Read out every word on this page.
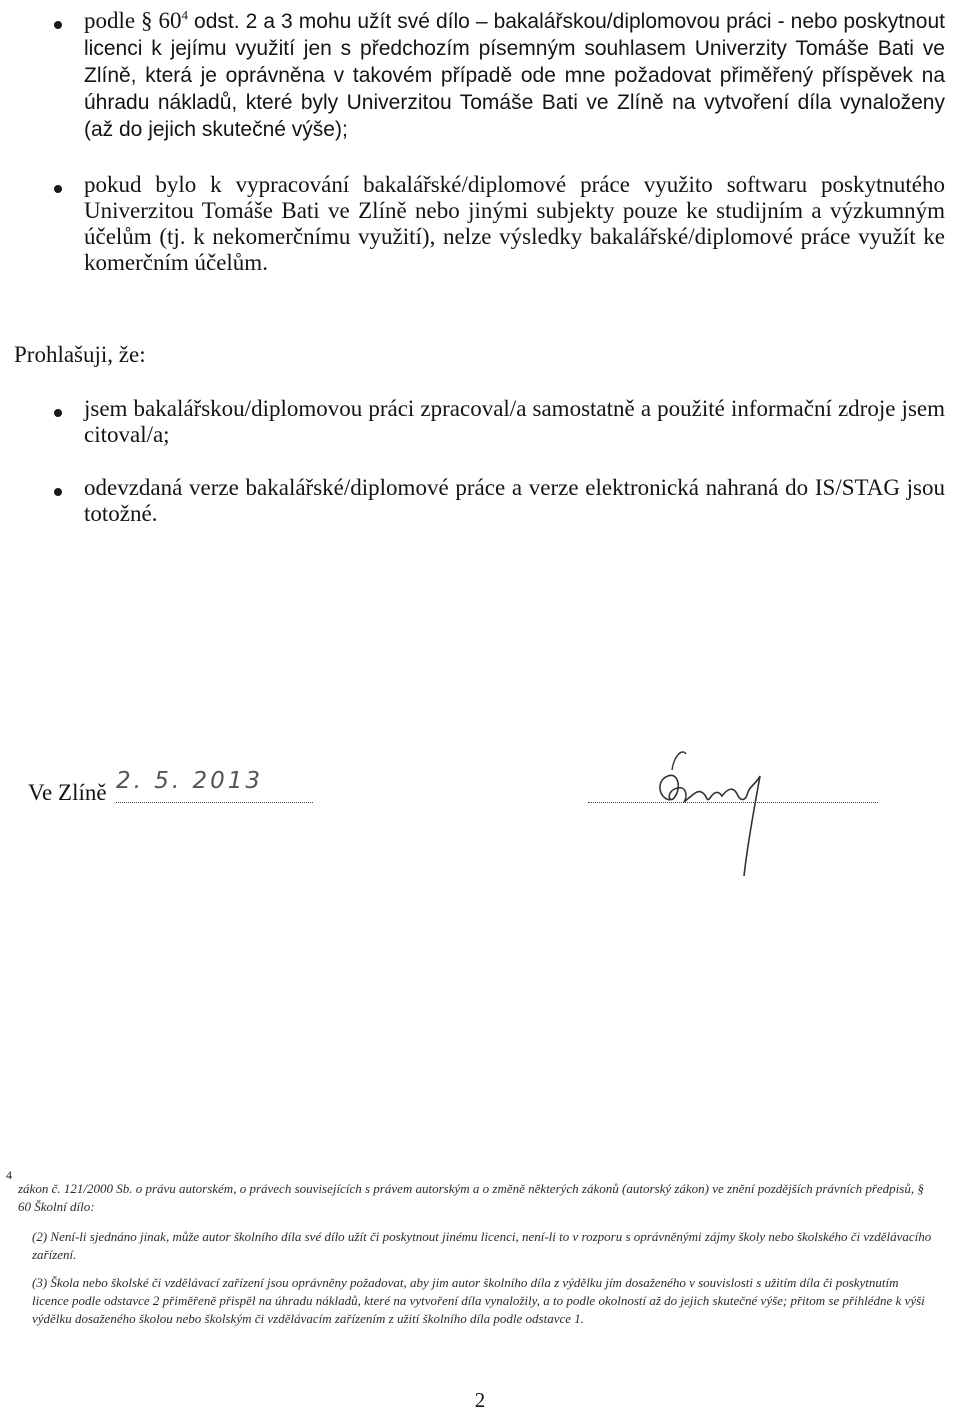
podle § $60^4$ odst. 2 a 3 mohu užít své dílo – bakalářskou/diplomovou práci - nebo poskytnout licenci k jejímu využití jen s předchozím písemným souhlasem Univerzity Tomáše Bati ve Zlíně, která je oprávněna v takovém případě ode mne požadovat přiměřený příspěvek na úhradu nákladů, které byly Univerzitou Tomáše Bati ve Zlíně na vytvoření díla vynaloženy (až do jejich skutečné výše);
pokud bylo k vypracování bakalářské/diplomové práce využito softwaru poskytnutého Univerzitou Tomáše Bati ve Zlíně nebo jinými subjekty pouze ke studijním a výzkumným účelům (tj. k nekomerčnímu využití), nelze výsledky bakalářské/diplomové práce využít ke komerčním účelům.
Prohlašuji, že:
jsem bakalářskou/diplomovou práci zpracoval/a samostatně a použité informační zdroje jsem citoval/a;
odevzdaná verze bakalářské/diplomové práce a verze elektronická nahraná do IS/STAG jsou totožné.
Ve Zlíně 2. 5. 2013
4
zákon č. 121/2000 Sb. o právu autorském, o právech souvisejících s právem autorským a o změně některých zákonů (autorský zákon) ve znění pozdějších právních předpisů, § 60 Školní dílo:
(2) Není-li sjednáno jinak, může autor školního díla své dílo užít či poskytnout jinému licenci, není-li to v rozporu s oprávněnými zájmy školy nebo školského či vzdělávacího zařízení.
(3) Škola nebo školské či vzdělávací zařízení jsou oprávněny požadovat, aby jim autor školního díla z výdělku jím dosaženého v souvislosti s užitím díla či poskytnutím licence podle odstavce 2 přiměřeně přispěl na úhradu nákladů, které na vytvoření díla vynaložily, a to podle okolností až do jejich skutečné výše; přitom se přihlédne k výši výdělku dosaženého školou nebo školským či vzdělávacím zařízením z užití školního díla podle odstavce 1.
2
